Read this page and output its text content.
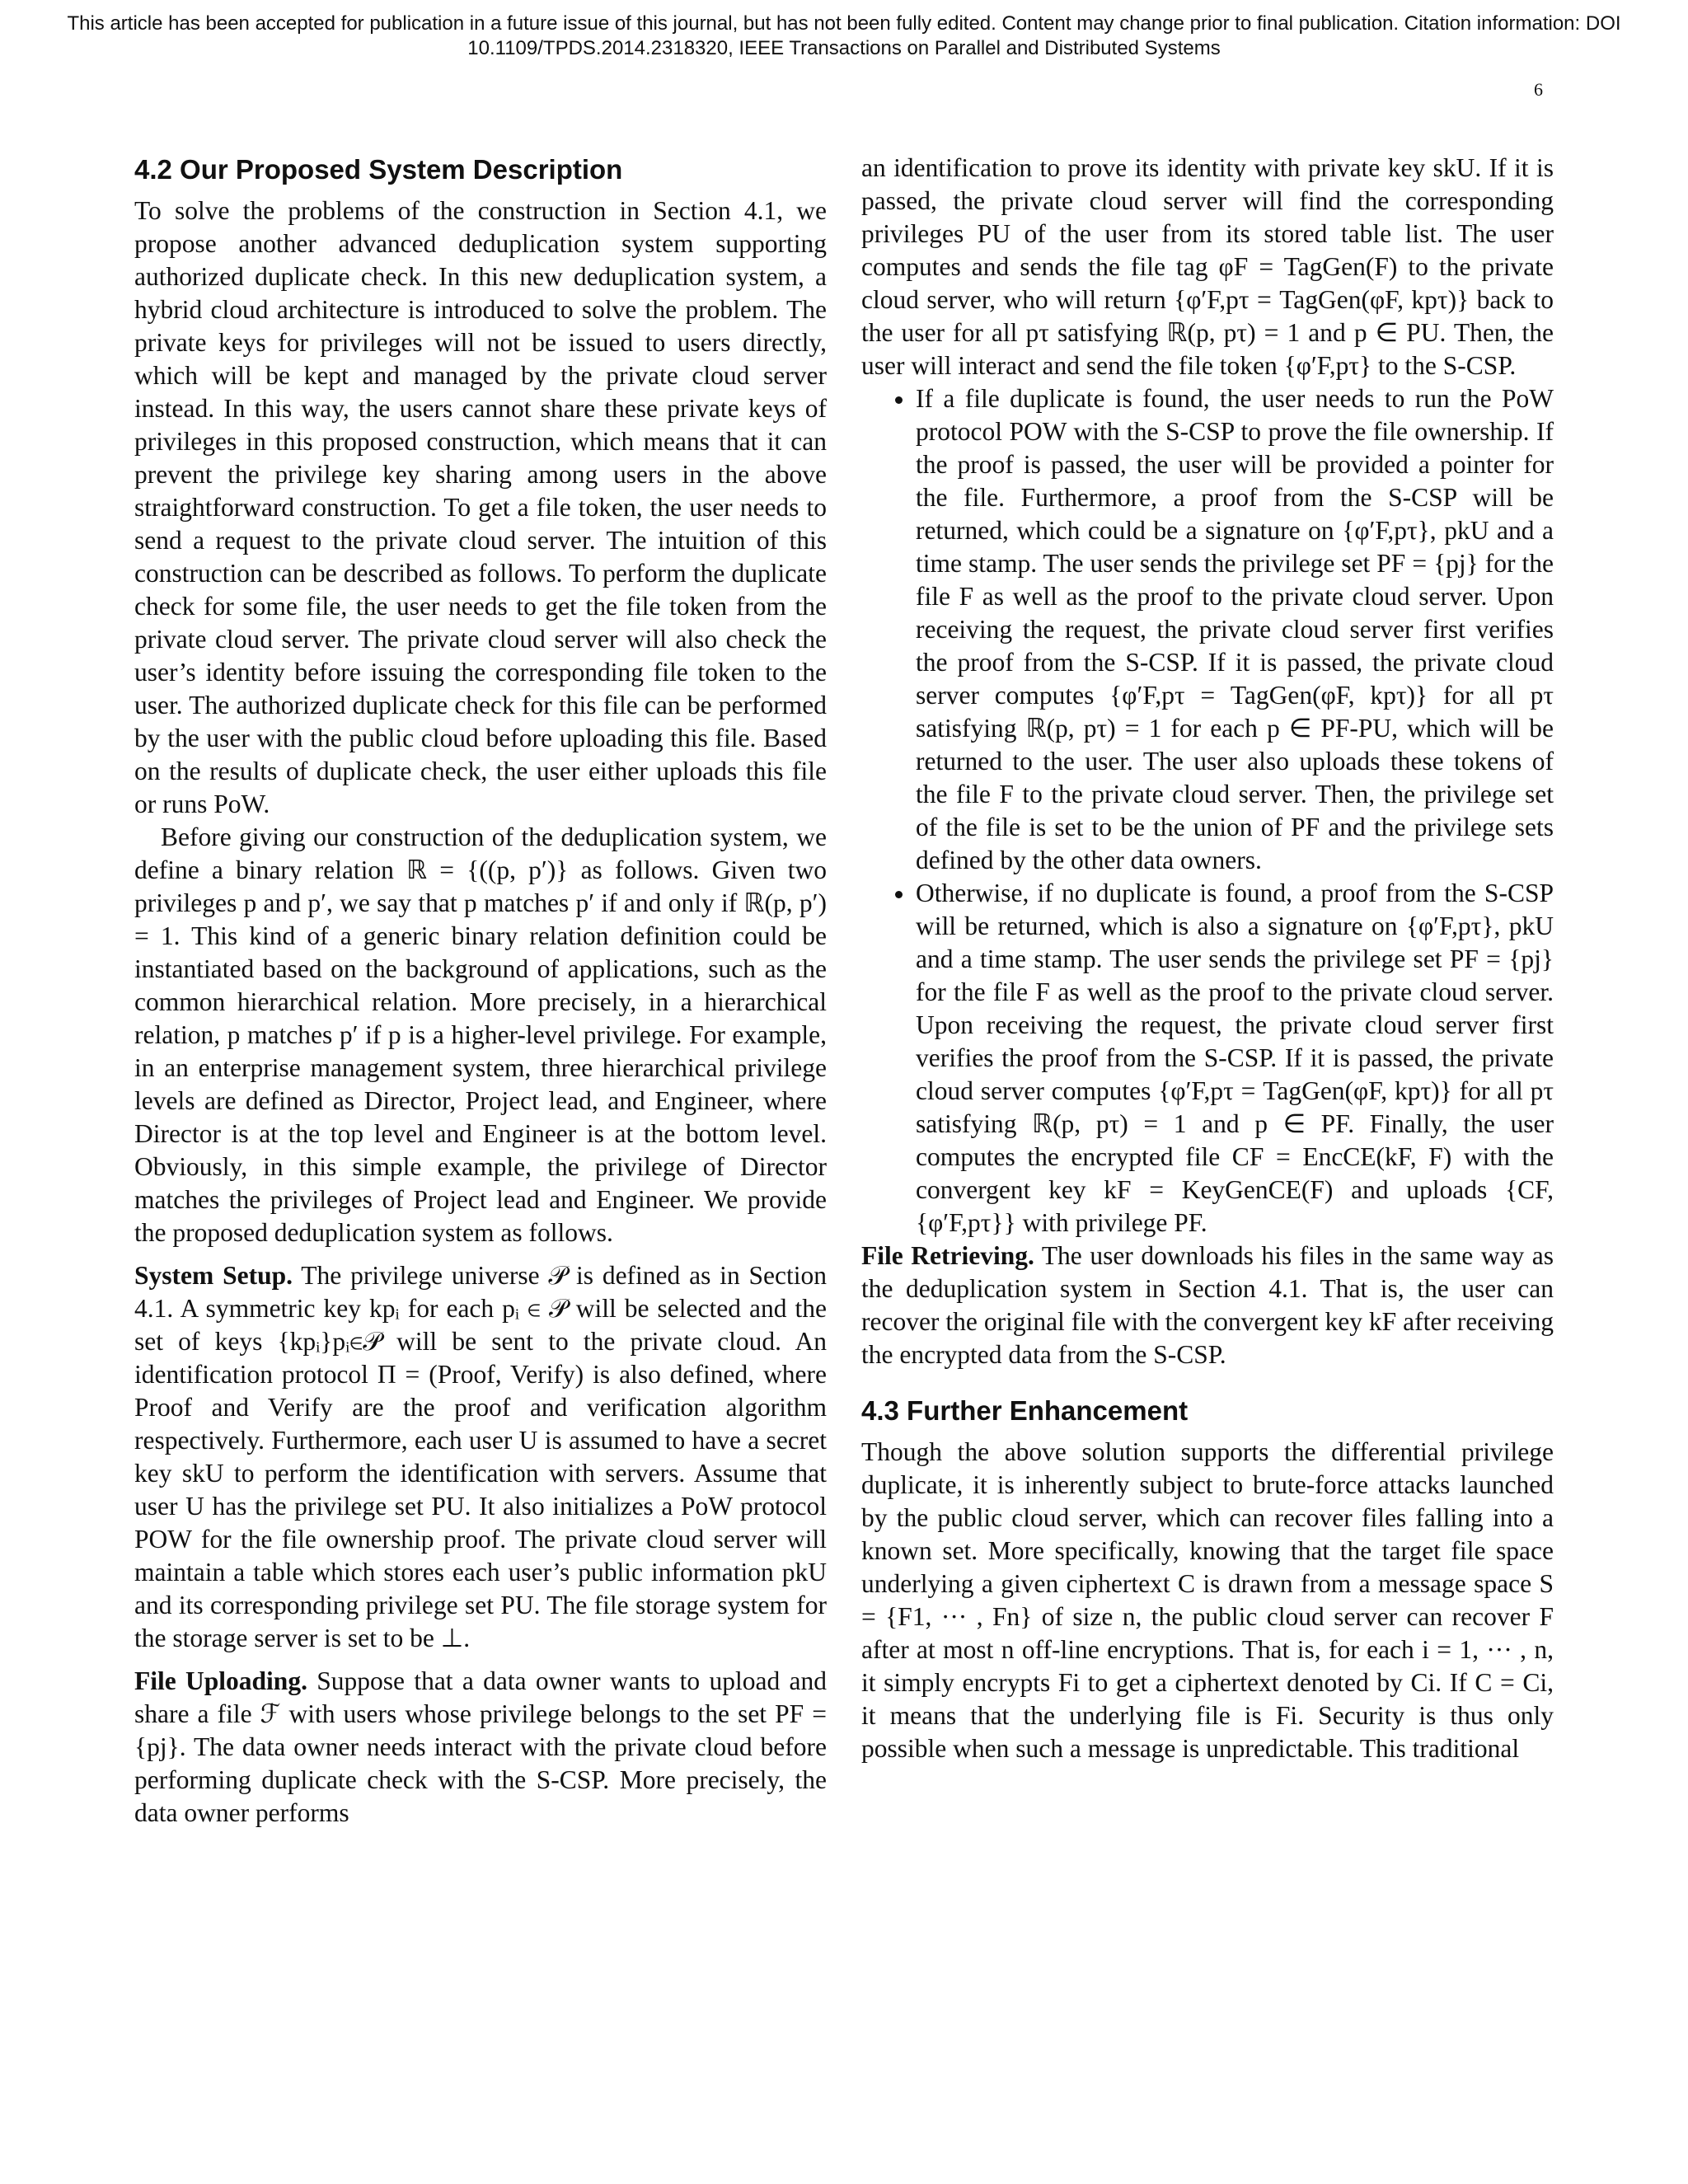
This article has been accepted for publication in a future issue of this journal, but has not been fully edited. Content may change prior to final publication. Citation information: DOI
10.1109/TPDS.2014.2318320, IEEE Transactions on Parallel and Distributed Systems
6
4.2 Our Proposed System Description

To solve the problems of the construction in Section 4.1, we propose another advanced deduplication system supporting authorized duplicate check. In this new deduplication system, a hybrid cloud architecture is introduced to solve the problem. The private keys for privileges will not be issued to users directly, which will be kept and managed by the private cloud server instead. In this way, the users cannot share these private keys of privileges in this proposed construction, which means that it can prevent the privilege key sharing among users in the above straightforward construction. To get a file token, the user needs to send a request to the private cloud server. The intuition of this construction can be described as follows. To perform the duplicate check for some file, the user needs to get the file token from the private cloud server. The private cloud server will also check the user’s identity before issuing the corresponding file token to the user. The authorized duplicate check for this file can be performed by the user with the public cloud before uploading this file. Based on the results of duplicate check, the user either uploads this file or runs PoW.

Before giving our construction of the deduplication system, we define a binary relation ℝ = {((p, p′)} as follows. Given two privileges p and p′, we say that p matches p′ if and only if ℝ(p, p′) = 1. This kind of a generic binary relation definition could be instantiated based on the background of applications, such as the common hierarchical relation. More precisely, in a hierarchical relation, p matches p′ if p is a higher-level privilege. For example, in an enterprise management system, three hierarchical privilege levels are defined as Director, Project lead, and Engineer, where Director is at the top level and Engineer is at the bottom level. Obviously, in this simple example, the privilege of Director matches the privileges of Project lead and Engineer. We provide the proposed deduplication system as follows.

System Setup. The privilege universe 𝒫 is defined as in Section 4.1. A symmetric key kpᵢ for each pᵢ ∈ 𝒫 will be selected and the set of keys {kpᵢ}pᵢ∈𝒫 will be sent to the private cloud. An identification protocol Π = (Proof, Verify) is also defined, where Proof and Verify are the proof and verification algorithm respectively. Furthermore, each user U is assumed to have a secret key skU to perform the identification with servers. Assume that user U has the privilege set PU. It also initializes a PoW protocol POW for the file ownership proof. The private cloud server will maintain a table which stores each user’s public information pkU and its corresponding privilege set PU. The file storage system for the storage server is set to be ⊥.

File Uploading. Suppose that a data owner wants to upload and share a file ℱ with users whose privilege belongs to the set PF = {pj}. The data owner needs interact with the private cloud before performing duplicate check with the S-CSP. More precisely, the data owner performs

an identification to prove its identity with private key skU. If it is passed, the private cloud server will find the corresponding privileges PU of the user from its stored table list. The user computes and sends the file tag φF = TagGen(F) to the private cloud server, who will return {φ′F,pτ = TagGen(φF, kpτ)} back to the user for all pτ satisfying ℝ(p, pτ) = 1 and p ∈ PU. Then, the user will interact and send the file token {φ′F,pτ} to the S-CSP.

• If a file duplicate is found, the user needs to run the PoW protocol POW with the S-CSP to prove the file ownership. If the proof is passed, the user will be provided a pointer for the file. Furthermore, a proof from the S-CSP will be returned, which could be a signature on {φ′F,pτ}, pkU and a time stamp. The user sends the privilege set PF = {pj} for the file F as well as the proof to the private cloud server. Upon receiving the request, the private cloud server first verifies the proof from the S-CSP. If it is passed, the private cloud server computes {φ′F,pτ = TagGen(φF, kpτ)} for all pτ satisfying ℝ(p, pτ) = 1 for each p ∈ PF-PU, which will be returned to the user. The user also uploads these tokens of the file F to the private cloud server. Then, the privilege set of the file is set to be the union of PF and the privilege sets defined by the other data owners.
• Otherwise, if no duplicate is found, a proof from the S-CSP will be returned, which is also a signature on {φ′F,pτ}, pkU and a time stamp. The user sends the privilege set PF = {pj} for the file F as well as the proof to the private cloud server. Upon receiving the request, the private cloud server first verifies the proof from the S-CSP. If it is passed, the private cloud server computes {φ′F,pτ = TagGen(φF, kpτ)} for all pτ satisfying ℝ(p, pτ) = 1 and p ∈ PF. Finally, the user computes the encrypted file CF = EncCE(kF, F) with the convergent key kF = KeyGenCE(F) and uploads {CF, {φ′F,pτ}} with privilege PF.

File Retrieving. The user downloads his files in the same way as the deduplication system in Section 4.1. That is, the user can recover the original file with the convergent key kF after receiving the encrypted data from the S-CSP.

4.3 Further Enhancement

Though the above solution supports the differential privilege duplicate, it is inherently subject to brute-force attacks launched by the public cloud server, which can recover files falling into a known set. More specifically, knowing that the target file space underlying a given ciphertext C is drawn from a message space S = {F1, ··· , Fn} of size n, the public cloud server can recover F after at most n off-line encryptions. That is, for each i = 1, ··· , n, it simply encrypts Fi to get a ciphertext denoted by Ci. If C = Ci, it means that the underlying file is Fi. Security is thus only possible when such a message is unpredictable. This traditional
